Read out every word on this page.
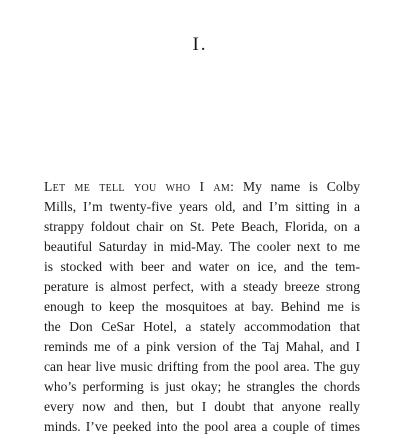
I.

Let me tell you who I am: My name is Colby
Mills, I’m twenty-five years old, and I’m sitting in a
strappy foldout chair on St. Pete Beach, Florida, on a
beautiful Saturday in mid-May. The cooler next to me
is stocked with beer and water on ice, and the tem-
perature is almost perfect, with a steady breeze strong
enough to keep the mosquitoes at bay. Behind me is
the Don CeSar Hotel, a stately accommodation that
reminds me of a pink version of the Taj Mahal, and I
can hear live music drifting from the pool area. The guy
who’s performing is just okay; he strangles the chords
every now and then, but I doubt that anyone really
minds. I’ve peeked into the pool area a couple of times
